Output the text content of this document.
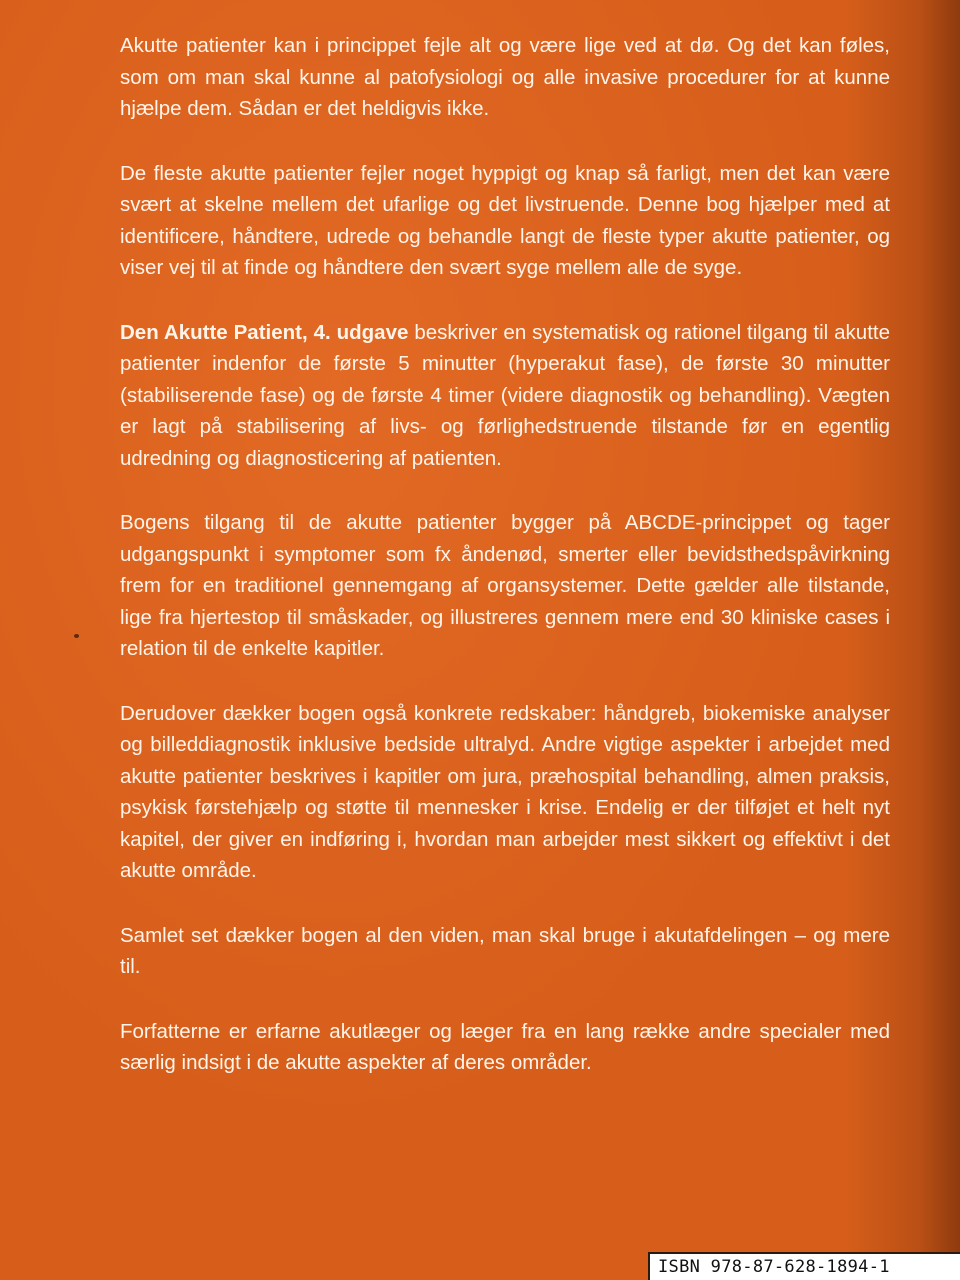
Akutte patienter kan i princippet fejle alt og være lige ved at dø. Og det kan føles, som om man skal kunne al patofysiologi og alle invasive procedurer for at kunne hjælpe dem. Sådan er det heldigvis ikke.

De fleste akutte patienter fejler noget hyppigt og knap så farligt, men det kan være svært at skelne mellem det ufarlige og det livstruende. Denne bog hjælper med at identificere, håndtere, udrede og behandle langt de fleste typer akutte patienter, og viser vej til at finde og håndtere den svært syge mellem alle de syge.

Den Akutte Patient, 4. udgave beskriver en systematisk og rationel tilgang til akutte patienter indenfor de første 5 minutter (hyperakut fase), de første 30 minutter (stabiliserende fase) og de første 4 timer (videre diagnostik og behandling). Vægten er lagt på stabilisering af livs- og førlighedstruende tilstande før en egentlig udredning og diagnosticering af patienten.

Bogens tilgang til de akutte patienter bygger på ABCDE-princippet og tager udgangspunkt i symptomer som fx åndenød, smerter eller bevidsthedspåvirkning frem for en traditionel gennemgang af organsystemer. Dette gælder alle tilstande, lige fra hjertestop til småskader, og illustreres gennem mere end 30 kliniske cases i relation til de enkelte kapitler.

Derudover dækker bogen også konkrete redskaber: håndgreb, biokemiske analyser og billeddiagnostik inklusive bedside ultralyd. Andre vigtige aspekter i arbejdet med akutte patienter beskrives i kapitler om jura, præhospital behandling, almen praksis, psykisk førstehjælp og støtte til mennesker i krise. Endelig er der tilføjet et helt nyt kapitel, der giver en indføring i, hvordan man arbejder mest sikkert og effektivt i det akutte område.

Samlet set dækker bogen al den viden, man skal bruge i akutafdelingen – og mere til.

Forfatterne er erfarne akutlæger og læger fra en lang række andre specialer med særlig indsigt i de akutte aspekter af deres områder.

ISBN 978-87-628-1894-1
